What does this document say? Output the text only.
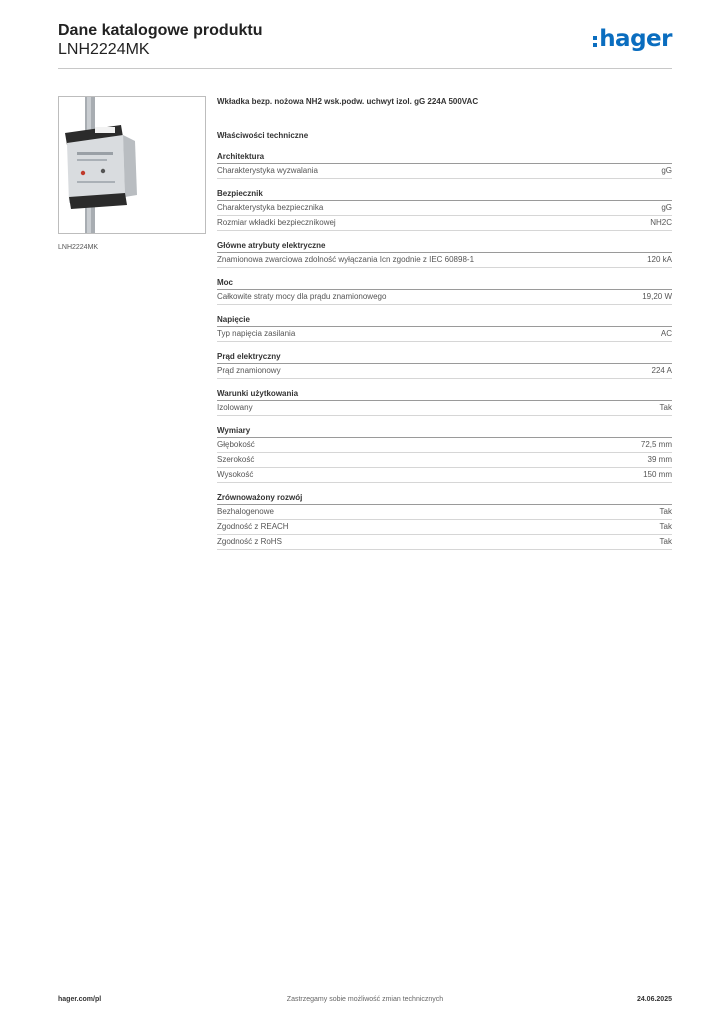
Dane katalogowe produktu
LNH2224MK	hager
LNH2224MK
Wkładka bezp. nożowa NH2 wsk.podw. uchwyt izol. gG 224A 500VAC
Właściwości techniczne
Architektura
Charakterystyka wyzwalania	gG
Bezpiecznik
Charakterystyka bezpiecznika	gG
Rozmiar wkładki bezpiecznikowej	NH2C
Główne atrybuty elektryczne
Znamionowa zwarciowa zdolność wyłączania Icn zgodnie z IEC 60898-1	120 kA
Moc
Całkowite straty mocy dla prądu znamionowego	19,20 W
Napięcie
Typ napięcia zasilania	AC
Prąd elektryczny
Prąd znamionowy	224 A
Warunki użytkowania
Izolowany	Tak
Wymiary
Głębokość	72,5 mm
Szerokość	39 mm
Wysokość	150 mm
Zrównoważony rozwój
Bezhalogenowe	Tak
Zgodność z REACH	Tak
Zgodność z RoHS	Tak
hager.com/pl	Zastrzegamy sobie możliwość zmian technicznych	24.06.2025
